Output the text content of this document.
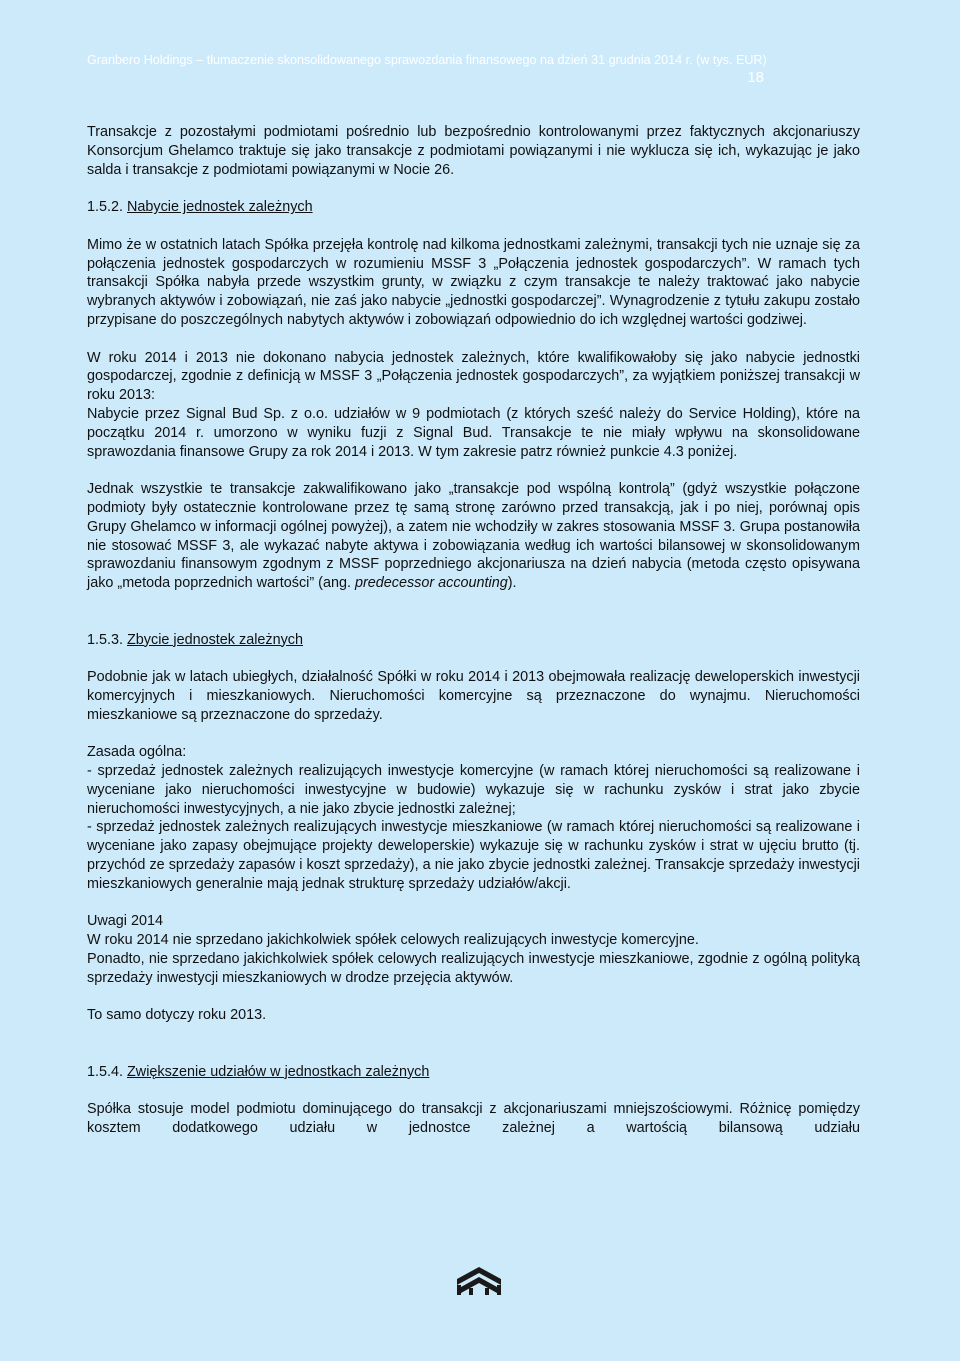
Granbero Holdings – tłumaczenie skonsolidowanego sprawozdania finansowego na dzień 31 grudnia 2014 r. (w tys. EUR)
18

Transakcje z pozostałymi podmiotami pośrednio lub bezpośrednio kontrolowanymi przez faktycznych akcjonariuszy Konsorcjum Ghelamco traktuje się jako transakcje z podmiotami powiązanymi i nie wyklucza się ich, wykazując je jako salda i transakcje z podmiotami powiązanymi w Nocie 26.

1.5.2. Nabycie jednostek zależnych

Mimo że w ostatnich latach Spółka przejęła kontrolę nad kilkoma jednostkami zależnymi, transakcji tych nie uznaje się za połączenia jednostek gospodarczych w rozumieniu MSSF 3 „Połączenia jednostek gospodarczych”. W ramach tych transakcji Spółka nabyła przede wszystkim grunty, w związku z czym transakcje te należy traktować jako nabycie wybranych aktywów i zobowiązań, nie zaś jako nabycie „jednostki gospodarczej”. Wynagrodzenie z tytułu zakupu zostało przypisane do poszczególnych nabytych aktywów i zobowiązań odpowiednio do ich względnej wartości godziwej.

W roku 2014 i 2013 nie dokonano nabycia jednostek zależnych, które kwalifikowałoby się jako nabycie jednostki gospodarczej, zgodnie z definicją w MSSF 3 „Połączenia jednostek gospodarczych”, za wyjątkiem poniższej transakcji w roku 2013:

Nabycie przez Signal Bud Sp. z o.o. udziałów w 9 podmiotach (z których sześć należy do Service Holding), które na początku 2014 r. umorzono w wyniku fuzji z Signal Bud. Transakcje te nie miały wpływu na skonsolidowane sprawozdania finansowe Grupy za rok 2014 i 2013. W tym zakresie patrz również punkcie 4.3 poniżej.

Jednak wszystkie te transakcje zakwalifikowano jako „transakcje pod wspólną kontrolą” (gdyż wszystkie połączone podmioty były ostatecznie kontrolowane przez tę samą stronę zarówno przed transakcją, jak i po niej, porównaj opis Grupy Ghelamco w informacji ogólnej powyżej), a zatem nie wchodziły w zakres stosowania MSSF 3. Grupa postanowiła nie stosować MSSF 3, ale wykazać nabyte aktywa i zobowiązania według ich wartości bilansowej w skonsolidowanym sprawozdaniu finansowym zgodnym z MSSF poprzedniego akcjonariusza na dzień nabycia (metoda często opisywana jako „metoda poprzednich wartości” (ang. predecessor accounting).

1.5.3. Zbycie jednostek zależnych

Podobnie jak w latach ubiegłych, działalność Spółki w roku 2014 i 2013 obejmowała realizację deweloperskich inwestycji komercyjnych i mieszkaniowych. Nieruchomości komercyjne są przeznaczone do wynajmu. Nieruchomości mieszkaniowe są przeznaczone do sprzedaży.

Zasada ogólna:

- sprzedaż jednostek zależnych realizujących inwestycje komercyjne (w ramach której nieruchomości są realizowane i wyceniane jako nieruchomości inwestycyjne w budowie) wykazuje się w rachunku zysków i strat jako zbycie nieruchomości inwestycyjnych, a nie jako zbycie jednostki zależnej;

- sprzedaż jednostek zależnych realizujących inwestycje mieszkaniowe (w ramach której nieruchomości są realizowane i wyceniane jako zapasy obejmujące projekty deweloperskie) wykazuje się w rachunku zysków i strat w ujęciu brutto (tj. przychód ze sprzedaży zapasów i koszt sprzedaży), a nie jako zbycie jednostki zależnej. Transakcje sprzedaży inwestycji mieszkaniowych generalnie mają jednak strukturę sprzedaży udziałów/akcji.

Uwagi 2014

W roku 2014 nie sprzedano jakichkolwiek spółek celowych realizujących inwestycje komercyjne.

Ponadto, nie sprzedano jakichkolwiek spółek celowych realizujących inwestycje mieszkaniowe, zgodnie z ogólną polityką sprzedaży inwestycji mieszkaniowych w drodze przejęcia aktywów.

To samo dotyczy roku 2013.

1.5.4. Zwiększenie udziałów w jednostkach zależnych

Spółka stosuje model podmiotu dominującego do transakcji z akcjonariuszami mniejszościowymi. Różnicę pomiędzy kosztem dodatkowego udziału w jednostce zależnej a wartością bilansową udziału
